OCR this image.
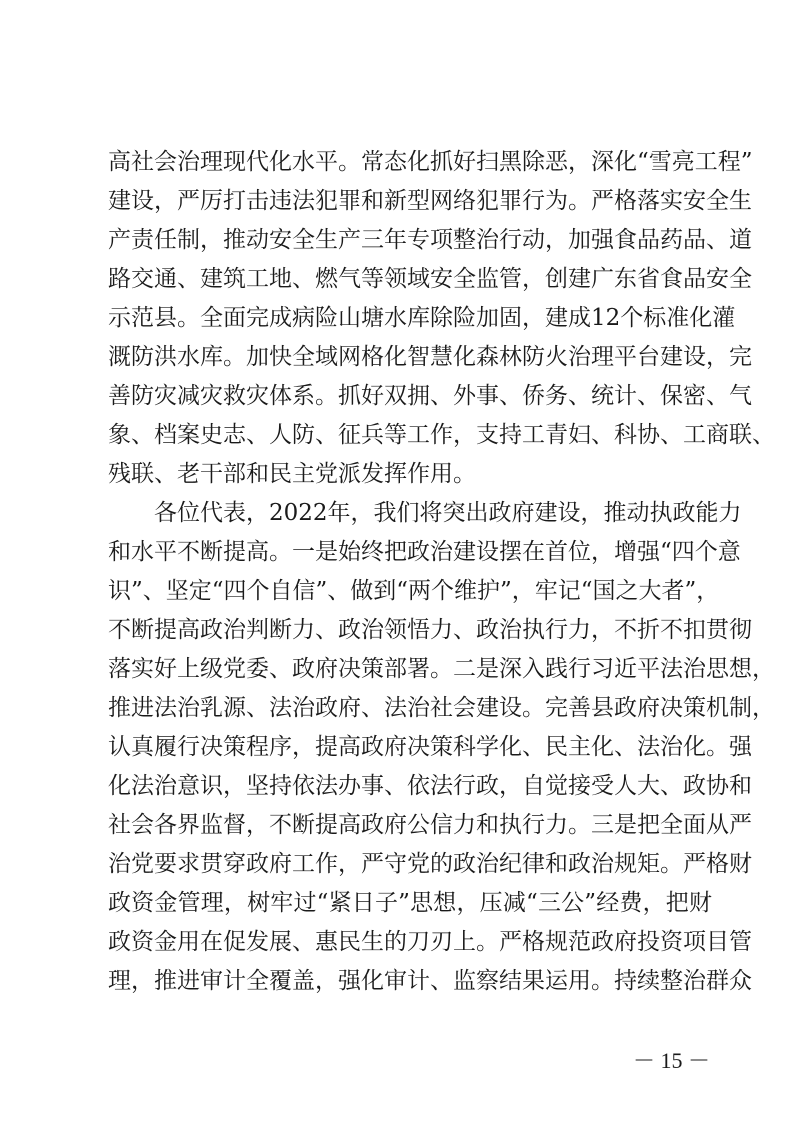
高社会治理现代化水平。常态化抓好扫黑除恶，深化“雪亮工程”
建设，严厉打击违法犯罪和新型网络犯罪行为。严格落实安全生
产责任制，推动安全生产三年专项整治行动，加强食品药品、道
路交通、建筑工地、燃气等领域安全监管，创建广东省食品安全
示范县。全面完成病险山塘水库除险加固，建成12个标准化灌
溉防洪水库。加快全域网格化智慧化森林防火治理平台建设，完
善防灾减灾救灾体系。抓好双拥、外事、侨务、统计、保密、气
象、档案史志、人防、征兵等工作，支持工青妇、科协、工商联、
残联、老干部和民主党派发挥作用。
各位代表，2022年，我们将突出政府建设，推动执政能力
和水平不断提高。一是始终把政治建设摆在首位，增强“四个意
识”、坚定“四个自信”、做到“两个维护”，牢记“国之大者”，
不断提高政治判断力、政治领悟力、政治执行力，不折不扣贯彻
落实好上级党委、政府决策部署。二是深入践行习近平法治思想，
推进法治乳源、法治政府、法治社会建设。完善县政府决策机制，
认真履行决策程序，提高政府决策科学化、民主化、法治化。强
化法治意识，坚持依法办事、依法行政，自觉接受人大、政协和
社会各界监督，不断提高政府公信力和执行力。三是把全面从严
治党要求贯穿政府工作，严守党的政治纪律和政治规矩。严格财
政资金管理，树牢过“紧日子”思想，压减“三公”经费，把财
政资金用在促发展、惠民生的刀刃上。严格规范政府投资项目管
理，推进审计全覆盖，强化审计、监察结果运用。持续整治群众
－ 15 －
